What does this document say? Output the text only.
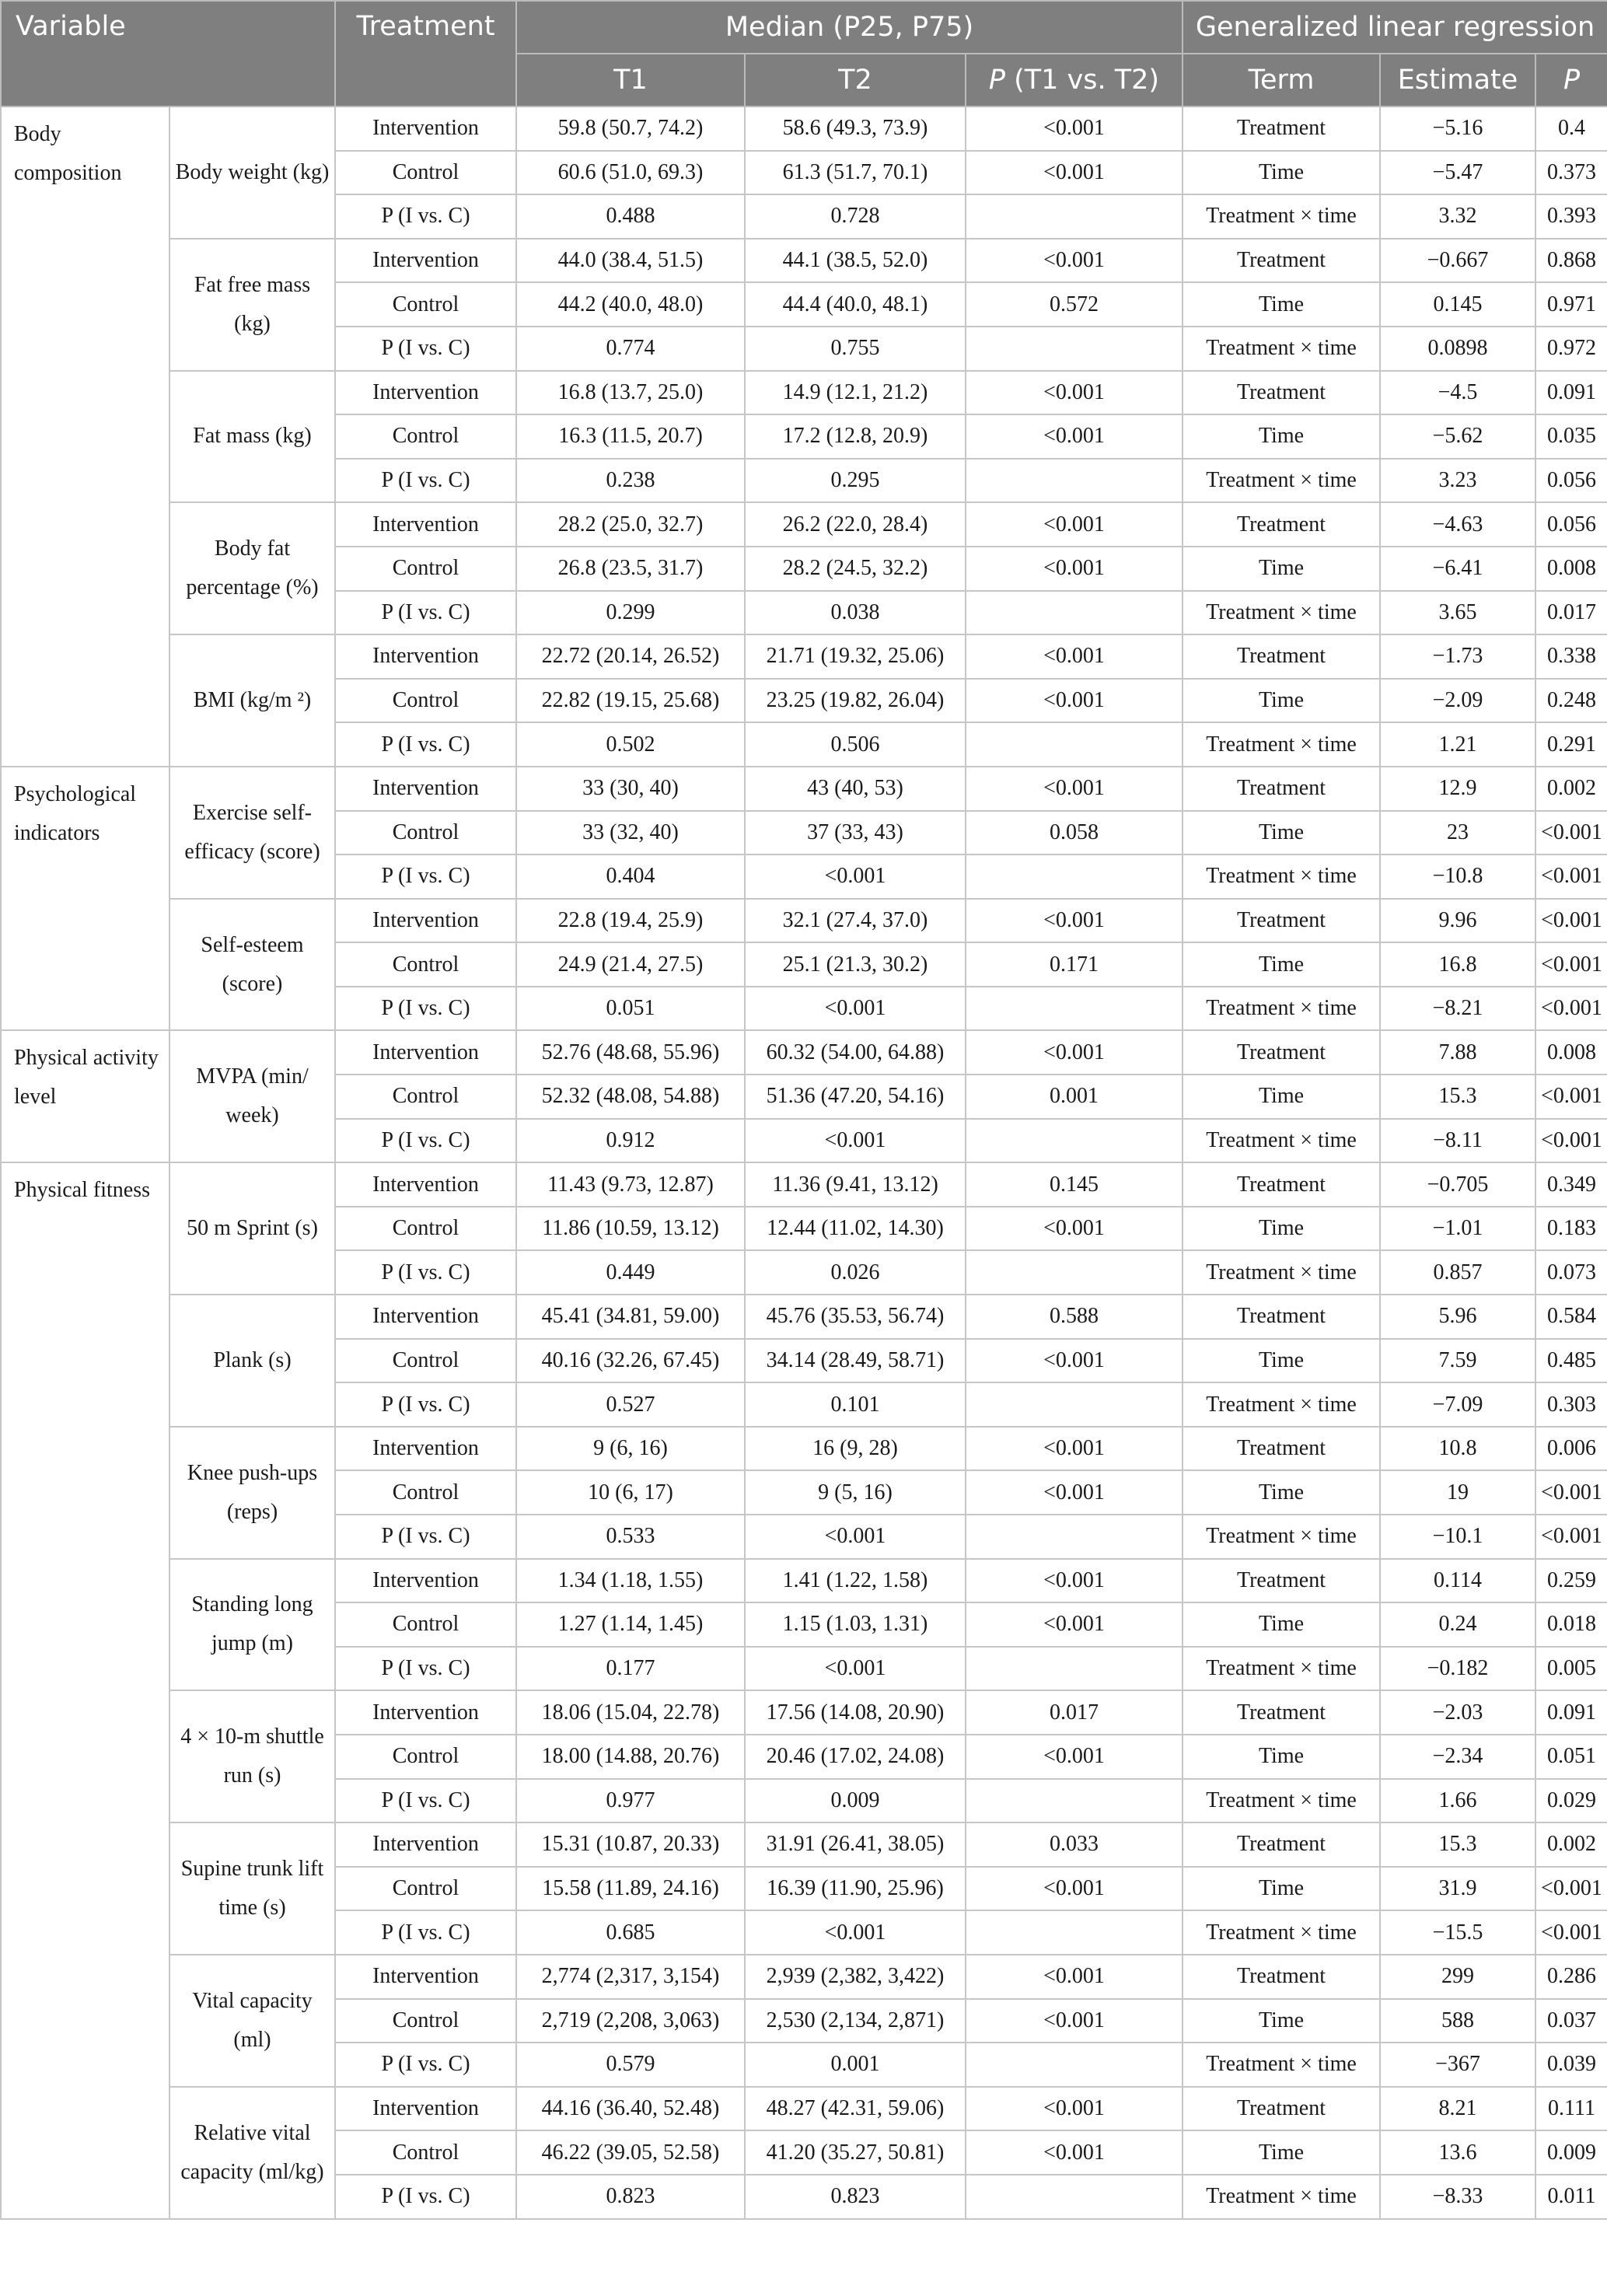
Variable		Treatment	Median (P25, P75)			Generalized linear regression		
			T1	T2	P (T1 vs. T2)	Term	Estimate	P
Body composition	Body weight (kg)	Intervention	59.8 (50.7, 74.2)	58.6 (49.3, 73.9)	<0.001	Treatment	−5.16	0.4
		Control	60.6 (51.0, 69.3)	61.3 (51.7, 70.1)	<0.001	Time	−5.47	0.373
		P (I vs. C)	0.488	0.728		Treatment × time	3.32	0.393
	Fat free mass (kg)	Intervention	44.0 (38.4, 51.5)	44.1 (38.5, 52.0)	<0.001	Treatment	−0.667	0.868
		Control	44.2 (40.0, 48.0)	44.4 (40.0, 48.1)	0.572	Time	0.145	0.971
		P (I vs. C)	0.774	0.755		Treatment × time	0.0898	0.972
	Fat mass (kg)	Intervention	16.8 (13.7, 25.0)	14.9 (12.1, 21.2)	<0.001	Treatment	−4.5	0.091
		Control	16.3 (11.5, 20.7)	17.2 (12.8, 20.9)	<0.001	Time	−5.62	0.035
		P (I vs. C)	0.238	0.295		Treatment × time	3.23	0.056
	Body fat percentage (%)	Intervention	28.2 (25.0, 32.7)	26.2 (22.0, 28.4)	<0.001	Treatment	−4.63	0.056
		Control	26.8 (23.5, 31.7)	28.2 (24.5, 32.2)	<0.001	Time	−6.41	0.008
		P (I vs. C)	0.299	0.038		Treatment × time	3.65	0.017
	BMI (kg/m ²)	Intervention	22.72 (20.14, 26.52)	21.71 (19.32, 25.06)	<0.001	Treatment	−1.73	0.338
		Control	22.82 (19.15, 25.68)	23.25 (19.82, 26.04)	<0.001	Time	−2.09	0.248
		P (I vs. C)	0.502	0.506		Treatment × time	1.21	0.291
Psychological indicators	Exercise self-efficacy (score)	Intervention	33 (30, 40)	43 (40, 53)	<0.001	Treatment	12.9	0.002
		Control	33 (32, 40)	37 (33, 43)	0.058	Time	23	<0.001
		P (I vs. C)	0.404	<0.001		Treatment × time	−10.8	<0.001
	Self-esteem (score)	Intervention	22.8 (19.4, 25.9)	32.1 (27.4, 37.0)	<0.001	Treatment	9.96	<0.001
		Control	24.9 (21.4, 27.5)	25.1 (21.3, 30.2)	0.171	Time	16.8	<0.001
		P (I vs. C)	0.051	<0.001		Treatment × time	−8.21	<0.001
Physical activity level	MVPA (min/ week)	Intervention	52.76 (48.68, 55.96)	60.32 (54.00, 64.88)	<0.001	Treatment	7.88	0.008
		Control	52.32 (48.08, 54.88)	51.36 (47.20, 54.16)	0.001	Time	15.3	<0.001
		P (I vs. C)	0.912	<0.001		Treatment × time	−8.11	<0.001
Physical fitness	50 m Sprint (s)	Intervention	11.43 (9.73, 12.87)	11.36 (9.41, 13.12)	0.145	Treatment	−0.705	0.349
		Control	11.86 (10.59, 13.12)	12.44 (11.02, 14.30)	<0.001	Time	−1.01	0.183
		P (I vs. C)	0.449	0.026		Treatment × time	0.857	0.073
	Plank (s)	Intervention	45.41 (34.81, 59.00)	45.76 (35.53, 56.74)	0.588	Treatment	5.96	0.584
		Control	40.16 (32.26, 67.45)	34.14 (28.49, 58.71)	<0.001	Time	7.59	0.485
		P (I vs. C)	0.527	0.101		Treatment × time	−7.09	0.303
	Knee push-ups (reps)	Intervention	9 (6, 16)	16 (9, 28)	<0.001	Treatment	10.8	0.006
		Control	10 (6, 17)	9 (5, 16)	<0.001	Time	19	<0.001
		P (I vs. C)	0.533	<0.001		Treatment × time	−10.1	<0.001
	Standing long jump (m)	Intervention	1.34 (1.18, 1.55)	1.41 (1.22, 1.58)	<0.001	Treatment	0.114	0.259
		Control	1.27 (1.14, 1.45)	1.15 (1.03, 1.31)	<0.001	Time	0.24	0.018
		P (I vs. C)	0.177	<0.001		Treatment × time	−0.182	0.005
	4 × 10-m shuttle run (s)	Intervention	18.06 (15.04, 22.78)	17.56 (14.08, 20.90)	0.017	Treatment	−2.03	0.091
		Control	18.00 (14.88, 20.76)	20.46 (17.02, 24.08)	<0.001	Time	−2.34	0.051
		P (I vs. C)	0.977	0.009		Treatment × time	1.66	0.029
	Supine trunk lift time (s)	Intervention	15.31 (10.87, 20.33)	31.91 (26.41, 38.05)	0.033	Treatment	15.3	0.002
		Control	15.58 (11.89, 24.16)	16.39 (11.90, 25.96)	<0.001	Time	31.9	<0.001
		P (I vs. C)	0.685	<0.001		Treatment × time	−15.5	<0.001
	Vital capacity (ml)	Intervention	2,774 (2,317, 3,154)	2,939 (2,382, 3,422)	<0.001	Treatment	299	0.286
		Control	2,719 (2,208, 3,063)	2,530 (2,134, 2,871)	<0.001	Time	588	0.037
		P (I vs. C)	0.579	0.001		Treatment × time	−367	0.039
	Relative vital capacity (ml/kg)	Intervention	44.16 (36.40, 52.48)	48.27 (42.31, 59.06)	<0.001	Treatment	8.21	0.111
		Control	46.22 (39.05, 52.58)	41.20 (35.27, 50.81)	<0.001	Time	13.6	0.009
		P (I vs. C)	0.823	0.823		Treatment × time	−8.33	0.011
